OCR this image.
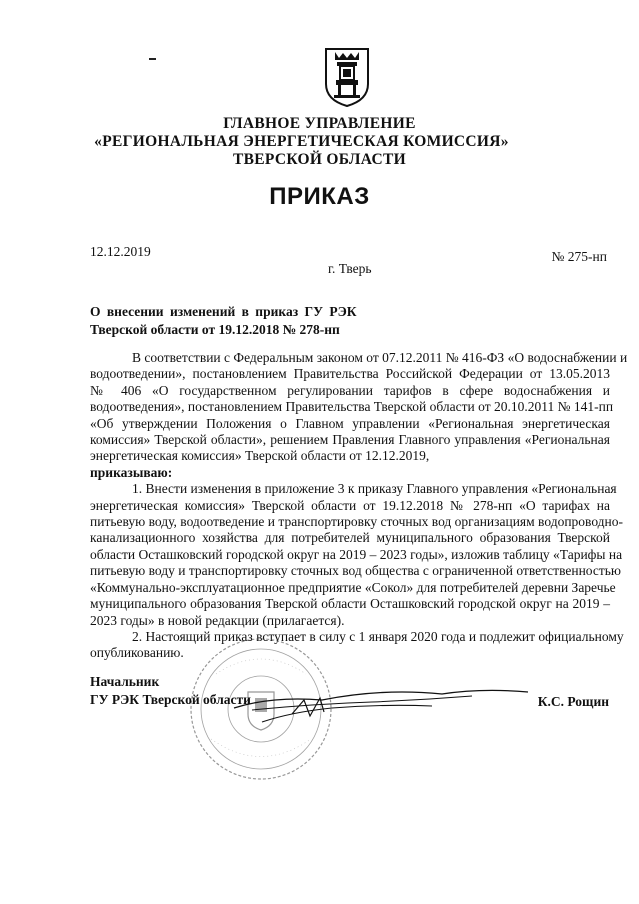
ГЛАВНОЕ УПРАВЛЕНИЕ
«РЕГИОНАЛЬНАЯ ЭНЕРГЕТИЧЕСКАЯ КОМИССИЯ»
ТВЕРСКОЙ ОБЛАСТИ
ПРИКАЗ
12.12.2019	№ 275-нп
г. Тверь
О внесении изменений в приказ ГУ РЭК
Тверской области от 19.12.2018 № 278-нп
В соответствии с Федеральным законом от 07.12.2011 № 416-ФЗ «О водоснабжении и
водоотведении», постановлением Правительства Российской Федерации от 13.05.2013
№ 406 «О государственном регулировании тарифов в сфере водоснабжения и
водоотведения», постановлением Правительства Тверской области от 20.10.2011 № 141-пп
«Об утверждении Положения о Главном управлении «Региональная энергетическая
комиссия» Тверской области», решением Правления Главного управления «Региональная
энергетическая комиссия» Тверской области от 12.12.2019,
приказываю:
1. Внести изменения в приложение 3 к приказу Главного управления «Региональная
энергетическая комиссия» Тверской области от 19.12.2018 № 278-нп «О тарифах на
питьевую воду, водоотведение и транспортировку сточных вод организациям водопроводно-
канализационного хозяйства для потребителей муниципального образования Тверской
области Осташковский городской округ на 2019 – 2023 годы», изложив таблицу «Тарифы на
питьевую воду и транспортировку сточных вод общества с ограниченной ответственностью
«Коммунально-эксплуатационное предприятие «Сокол» для потребителей деревни Заречье
муниципального образования Тверской области Осташковский городской округ на 2019 –
2023 годы» в новой редакции (прилагается).
2. Настоящий приказ вступает в силу с 1 января 2020 года и подлежит официальному
опубликованию.
Начальник
ГУ РЭК Тверской области	К.С. Рощин
